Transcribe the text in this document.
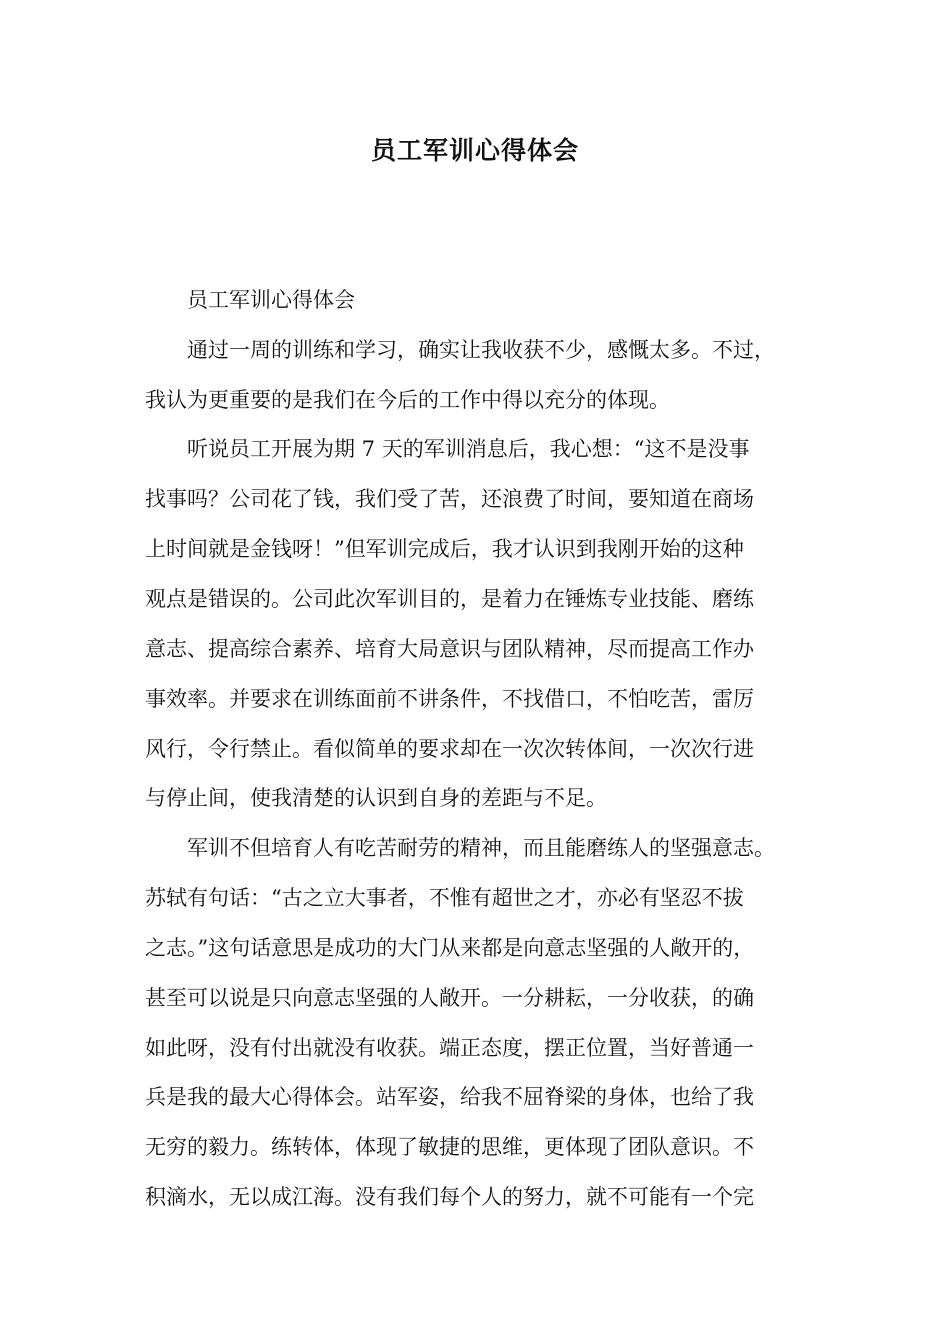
员工军训心得体会

　　员工军训心得体会

　　通过一周的训练和学习，确实让我收获不少，感慨太多。不过，

我认为更重要的是我们在今后的工作中得以充分的体现。

　　听说员工开展为期 7 天的军训消息后，我心想：“这不是没事

找事吗？公司花了钱，我们受了苦，还浪费了时间，要知道在商场

上时间就是金钱呀！”但军训完成后，我才认识到我刚开始的这种

观点是错误的。公司此次军训目的，是着力在锤炼专业技能、磨练

意志、提高综合素养、培育大局意识与团队精神，尽而提高工作办

事效率。并要求在训练面前不讲条件，不找借口，不怕吃苦，雷厉

风行，令行禁止。看似简单的要求却在一次次转体间，一次次行进

与停止间，使我清楚的认识到自身的差距与不足。

　　军训不但培育人有吃苦耐劳的精神，而且能磨练人的坚强意志。

苏轼有句话：“古之立大事者，不惟有超世之才，亦必有坚忍不拔

之志。”这句话意思是成功的大门从来都是向意志坚强的人敞开的，

甚至可以说是只向意志坚强的人敞开。一分耕耘，一分收获，的确

如此呀，没有付出就没有收获。端正态度，摆正位置，当好普通一

兵是我的最大心得体会。站军姿，给我不屈脊梁的身体，也给了我

无穷的毅力。练转体，体现了敏捷的思维，更体现了团队意识。不

积滴水，无以成江海。没有我们每个人的努力，就不可能有一个完
